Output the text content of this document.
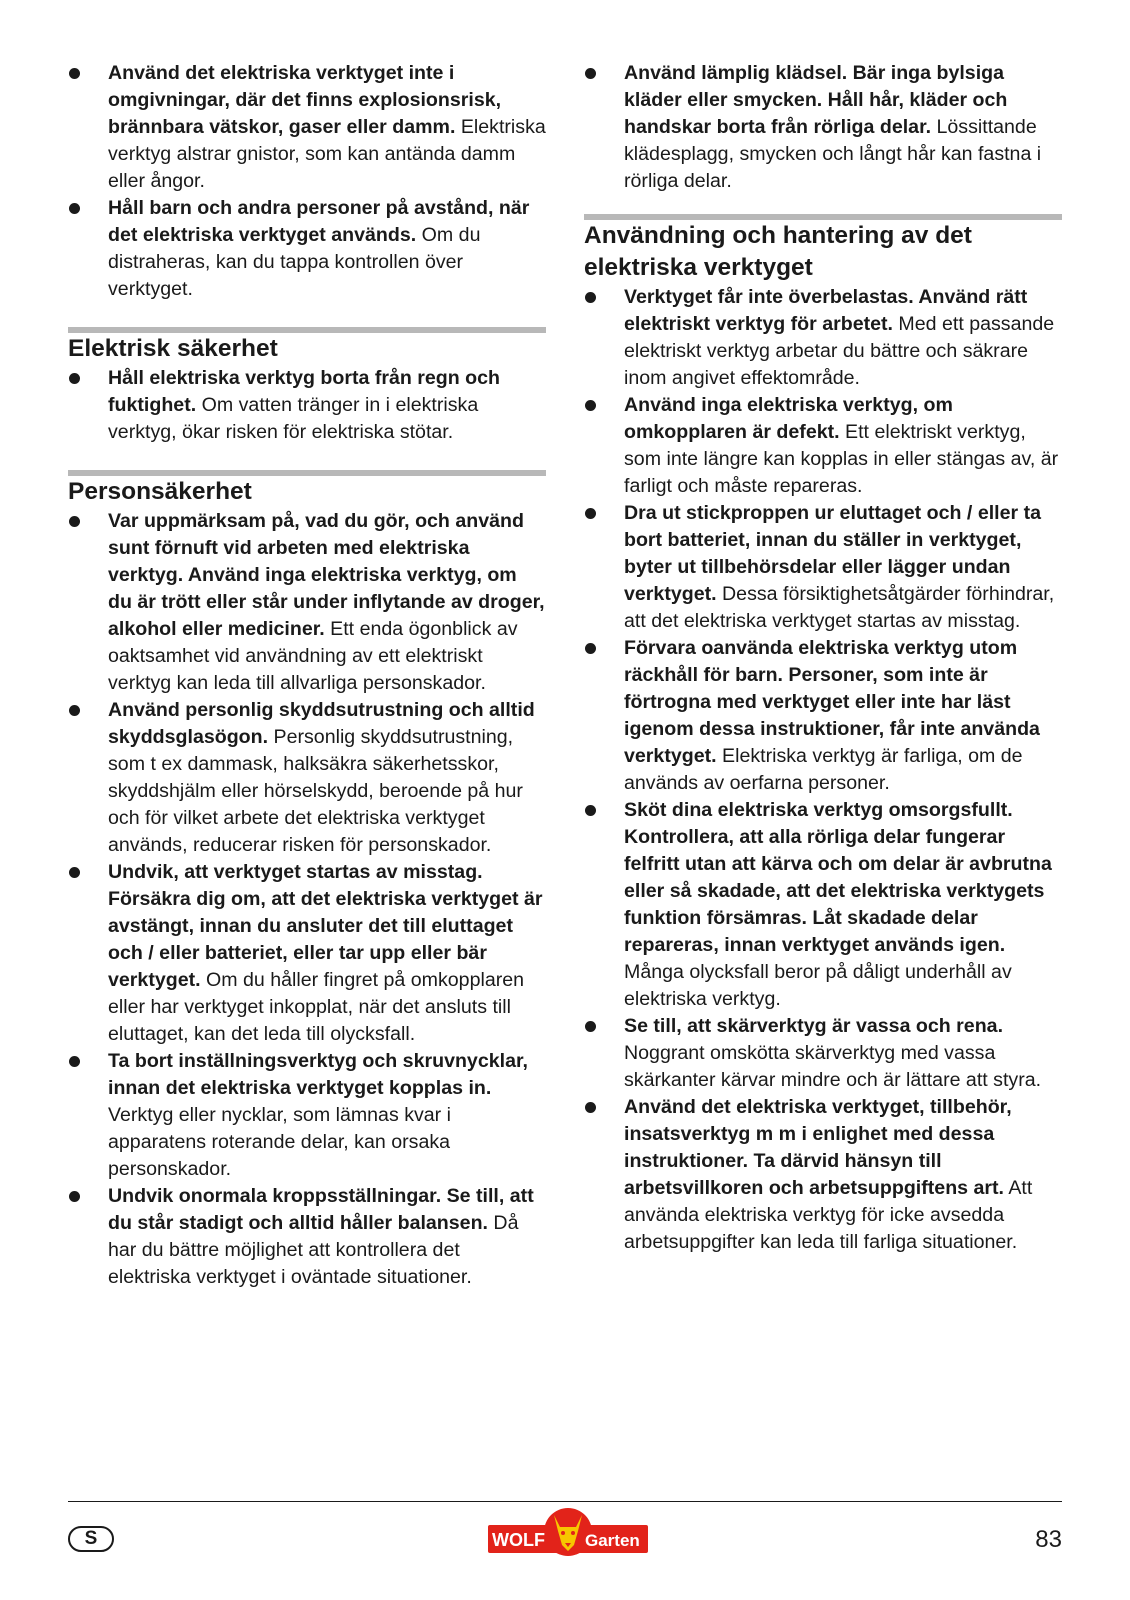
Använd det elektriska verktyget inte i omgivningar, där det finns explosionsrisk, brännbara vätskor, gaser eller damm. Elektriska verktyg alstrar gnistor, som kan antända damm eller ångor.
Håll barn och andra personer på avstånd, när det elektriska verktyget används. Om du distraheras, kan du tappa kontrollen över verktyget.
Elektrisk säkerhet
Håll elektriska verktyg borta från regn och fuktighet. Om vatten tränger in i elektriska verktyg, ökar risken för elektriska stötar.
Personsäkerhet
Var uppmärksam på, vad du gör, och använd sunt förnuft vid arbeten med elektriska verktyg. Använd inga elektriska verktyg, om du är trött eller står under inflytande av droger, alkohol eller mediciner. Ett enda ögonblick av oaktsamhet vid användning av ett elektriskt verktyg kan leda till allvarliga personskador.
Använd personlig skyddsutrustning och alltid skyddsglasögon. Personlig skyddsutrustning, som t ex dammask, halksäkra säkerhetsskor, skyddshjälm eller hörselskydd, beroende på hur och för vilket arbete det elektriska verktyget används, reducerar risken för personskador.
Undvik, att verktyget startas av misstag. Försäkra dig om, att det elektriska verktyget är avstängt, innan du ansluter det till eluttaget och / eller batteriet, eller tar upp eller bär verktyget. Om du håller fingret på omkopplaren eller har verktyget inkopplat, när det ansluts till eluttaget, kan det leda till olycksfall.
Ta bort inställningsverktyg och skruvnycklar, innan det elektriska verktyget kopplas in. Verktyg eller nycklar, som lämnas kvar i apparatens roterande delar, kan orsaka personskador.
Undvik onormala kroppsställningar. Se till, att du står stadigt och alltid håller balansen. Då har du bättre möjlighet att kontrollera det elektriska verktyget i oväntade situationer.
Använd lämplig klädsel. Bär inga bylsiga kläder eller smycken. Håll hår, kläder och handskar borta från rörliga delar. Lössittande klädesplagg, smycken och långt hår kan fastna i rörliga delar.
Användning och hantering av det elektriska verktyget
Verktyget får inte överbelastas. Använd rätt elektriskt verktyg för arbetet. Med ett passande elektriskt verktyg arbetar du bättre och säkrare inom angivet effektområde.
Använd inga elektriska verktyg, om omkopplaren är defekt. Ett elektriskt verktyg, som inte längre kan kopplas in eller stängas av, är farligt och måste repareras.
Dra ut stickproppen ur eluttaget och / eller ta bort batteriet, innan du ställer in verktyget, byter ut tillbehörsdelar eller lägger undan verktyget. Dessa försiktighetsåtgärder förhindrar, att det elektriska verktyget startas av misstag.
Förvara oanvända elektriska verktyg utom räckhåll för barn. Personer, som inte är förtrogna med verktyget eller inte har läst igenom dessa instruktioner, får inte använda verktyget. Elektriska verktyg är farliga, om de används av oerfarna personer.
Sköt dina elektriska verktyg omsorgsfullt. Kontrollera, att alla rörliga delar fungerar felfritt utan att kärva och om delar är avbrutna eller så skadade, att det elektriska verktygets funktion försämras. Låt skadade delar repareras, innan verktyget används igen. Många olycksfall beror på dåligt underhåll av elektriska verktyg.
Se till, att skärverktyg är vassa och rena. Noggrant omskötta skärverktyg med vassa skärkanter kärvar mindre och är lättare att styra.
Använd det elektriska verktyget, tillbehör, insatsverktyg m m i enlighet med dessa instruktioner. Ta därvid hänsyn till arbetsvillkoren och arbetsuppgiftens art. Att använda elektriska verktyg för icke avsedda arbetsuppgifter kan leda till farliga situationer.
S	WOLF Garten	83
